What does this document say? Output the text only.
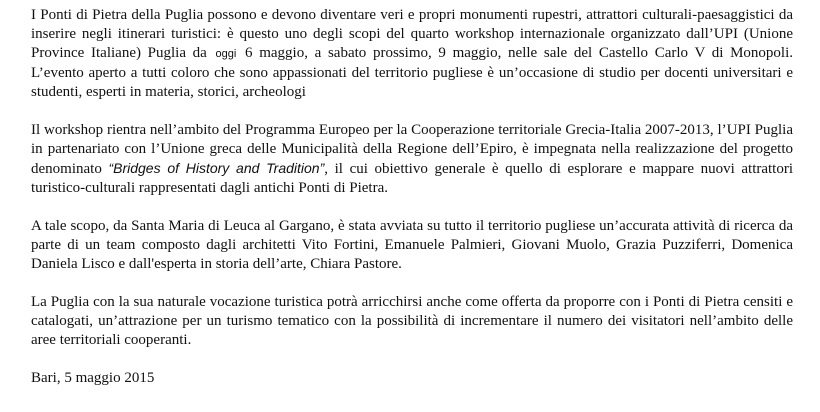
I Ponti di Pietra della Puglia possono e devono diventare veri e propri monumenti rupestri, attrattori culturali-paesaggistici da inserire negli itinerari turistici: è questo uno degli scopi del quarto workshop internazionale organizzato dall’UPI (Unione Province Italiane) Puglia da oggi 6 maggio, a sabato prossimo, 9 maggio, nelle sale del Castello Carlo V di Monopoli. L’evento aperto a tutti coloro che sono appassionati del territorio pugliese è un’occasione di studio per docenti universitari e studenti, esperti in materia, storici, archeologi

Il workshop rientra nell’ambito del Programma Europeo per la Cooperazione territoriale Grecia-Italia 2007-2013, l’UPI Puglia in partenariato con l’Unione greca delle Municipalità della Regione dell’Epiro, è impegnata nella realizzazione del progetto denominato “Bridges of History and Tradition”, il cui obiettivo generale è quello di esplorare e mappare nuovi attrattori turistico-culturali rappresentati dagli antichi Ponti di Pietra.

A tale scopo, da Santa Maria di Leuca al Gargano, è stata avviata su tutto il territorio pugliese un’accurata attività di ricerca da parte di un team composto dagli architetti Vito Fortini, Emanuele Palmieri, Giovani Muolo, Grazia Puzziferri, Domenica Daniela Lisco e dall'esperta in storia dell’arte, Chiara Pastore.

La Puglia con la sua naturale vocazione turistica potrà arricchirsi anche come offerta da proporre con i Ponti di Pietra censiti e catalogati, un’attrazione per un turismo tematico con la possibilità di incrementare il numero dei visitatori nell’ambito delle aree territoriali cooperanti.

Bari, 5 maggio 2015
